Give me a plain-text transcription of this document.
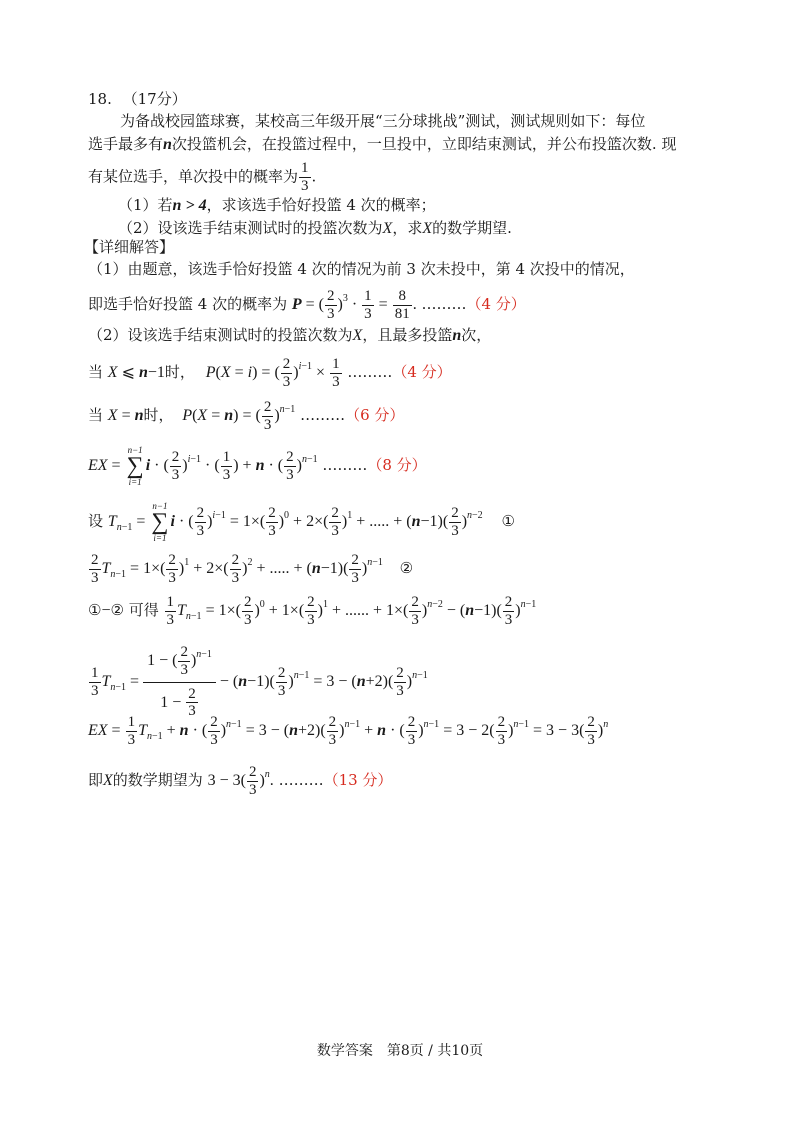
18. （17分）
为备战校园篮球赛，某校高三年级开展“三分球挑战”测试，测试规则如下：每位
选手最多有n次投篮机会，在投篮过程中，一旦投中，立即结束测试，并公布投篮次数. 现
有某位选手，单次投中的概率为 $\frac{1}{3}$ .
（1）若n > 4，求该选手恰好投篮 4 次的概率；
（2）设该选手结束测试时的投篮次数为X，求X的数学期望.
【详细解答】
（1）由题意，该选手恰好投篮 4 次的情况为前 3 次未投中，第 4 次投中的情况，
即选手恰好投篮 4 次的概率为 P = ( $\frac{2}{3} )^3 \cdot \frac{1}{3} = \frac{8}{81}$ . ………（4 分）
（2）设该选手结束测试时的投篮次数为X，且最多投篮n次，
当 X ⩽ n−1时， P(X = i) = ( $\frac{2}{3} )^{i-1} \times \frac{1}{3}$ ………（4 分）
当 X = n时， P(X = n) = ( $\frac{2}{3} )^{n-1}$ ………（6 分）
EX =
n−1
∑
i=1
i · ( $\frac{2}{3} )^{i-1}$ · ( $\frac{1}{3}$ ) + n · ( $\frac{2}{3} )^{n-1}$ ………（8 分）
设 $T_{n-1}$ =
n−1
∑
i=1
i · ( $\frac{2}{3} )^{i-1} = 1\times( \frac{2}{3} )^0 + 2\times( \frac{2}{3} )^1$ + ..... + $(n-1)( \frac{2}{3} )^{n-2}$ ①
$\frac{2}{3} T_{n-1} = 1\times( \frac{2}{3} )^1 + 2\times( \frac{2}{3} )^2$ + ..... + $(n-1)( \frac{2}{3} )^{n-1}$ ②
①−② 可得 $\frac{1}{3} T_{n-1} = 1\times( \frac{2}{3} )^0 + 1\times( \frac{2}{3} )^1$ + ...... + $1\times( \frac{2}{3} )^{n-2} - (n-1)( \frac{2}{3} )^{n-1}$
$\frac{1}{3} T_{n-1} = \frac{1 - ( \frac{2}{3} )^{n-1}}{1 - \frac{2}{3}} - (n-1)( \frac{2}{3} )^{n-1} = 3 - (n+2)( \frac{2}{3} )^{n-1}$
EX = $\frac{1}{3} T_{n-1} + n$ · ( $\frac{2}{3} )^{n-1} = 3 - (n+2)( \frac{2}{3} )^{n-1} + n$ · ( $\frac{2}{3} )^{n-1} = 3 - 2( \frac{2}{3} )^{n-1} = 3 - 3( \frac{2}{3} )^n$
即X的数学期望为 $3 - 3( \frac{2}{3} )^n$. ………（13 分）
数学答案　第8页 / 共10页
